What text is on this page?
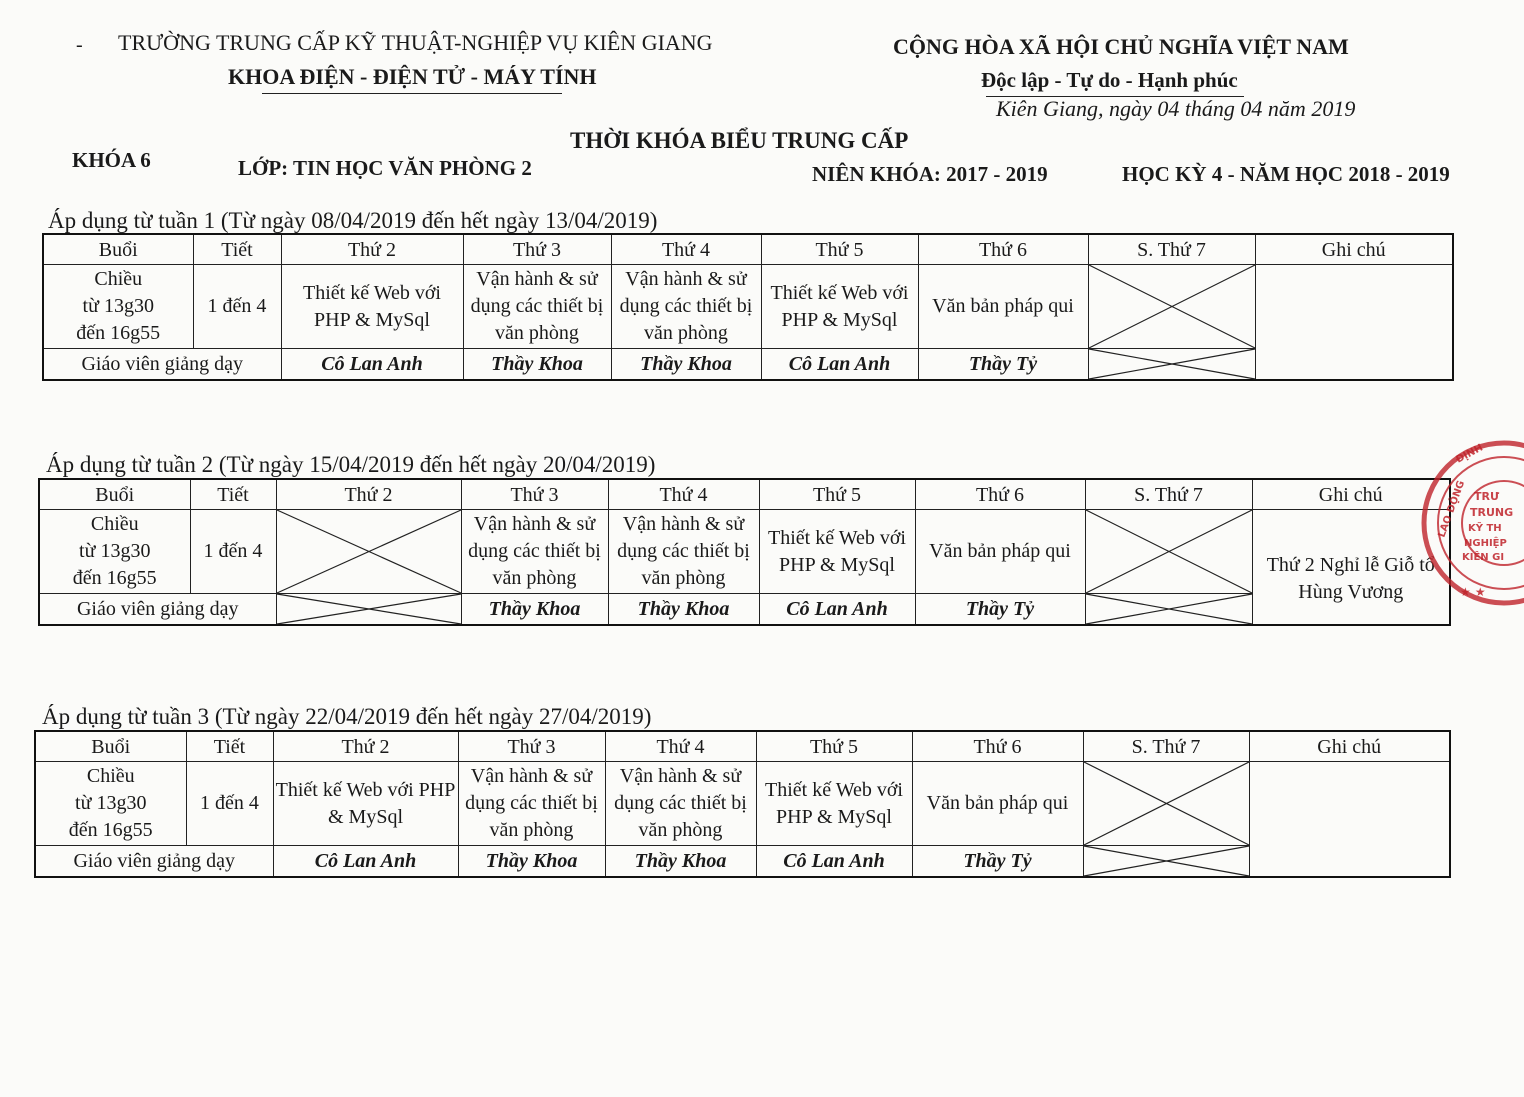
- TRƯỜNG TRUNG CẤP KỸ THUẬT-NGHIỆP VỤ KIÊN GIANG
KHOA ĐIỆN - ĐIỆN TỬ - MÁY TÍNH
CỘNG HÒA XÃ HỘI CHỦ NGHĨA VIỆT NAM
Độc lập - Tự do - Hạnh phúc
Kiên Giang, ngày 04 tháng 04 năm 2019
THỜI KHÓA BIỂU TRUNG CẤP
KHÓA 6	LỚP: TIN HỌC VĂN PHÒNG 2	NIÊN KHÓA: 2017 - 2019	HỌC KỲ 4 - NĂM HỌC 2018 - 2019
Áp dụng từ tuần 1 (Từ ngày 08/04/2019 đến hết ngày 13/04/2019)
Buổi	Tiết	Thứ 2	Thứ 3	Thứ 4	Thứ 5	Thứ 6	S. Thứ 7	Ghi chú
Chiều
từ 13g30
đến 16g55	1 đến 4	Thiết kế Web với PHP & MySql	Vận hành & sử dụng các thiết bị văn phòng	Vận hành & sử dụng các thiết bị văn phòng	Thiết kế Web với PHP & MySql	Văn bản pháp qui	

Giáo viên giảng dạy		Cô Lan Anh	Thầy Khoa	Thầy Khoa	Cô Lan Anh	Thầy Tỷ	
Áp dụng từ tuần 2 (Từ ngày 15/04/2019 đến hết ngày 20/04/2019)
Buổi	Tiết	Thứ 2	Thứ 3	Thứ 4	Thứ 5	Thứ 6	S. Thứ 7	Ghi chú
Chiều
từ 13g30
đến 16g55	1 đến 4		Vận hành & sử dụng các thiết bị văn phòng	Vận hành & sử dụng các thiết bị văn phòng	Thiết kế Web với PHP & MySql	Văn bản pháp qui		Thứ 2 Nghỉ lễ Giỗ tổ Hùng Vương
Giáo viên giảng dạy			Thầy Khoa	Thầy Khoa	Cô Lan Anh	Thầy Tỷ	
Áp dụng từ tuần 3 (Từ ngày 22/04/2019 đến hết ngày 27/04/2019)
Buổi	Tiết	Thứ 2	Thứ 3	Thứ 4	Thứ 5	Thứ 6	S. Thứ 7	Ghi chú
Chiều
từ 13g30
đến 16g55	1 đến 4	Thiết kế Web với PHP & MySql	Vận hành & sử dụng các thiết bị văn phòng	Vận hành & sử dụng các thiết bị văn phòng	Thiết kế Web với PHP & MySql	Văn bản pháp qui	

Giáo viên giảng dạy		Cô Lan Anh	Thầy Khoa	Thầy Khoa	Cô Lan Anh	Thầy Tỷ	
ĐỊNH
LAO ĐỘNG TRƯ
TRUNG
KỸ TH
NGHIỆP
KIÊN GI
★ ★
